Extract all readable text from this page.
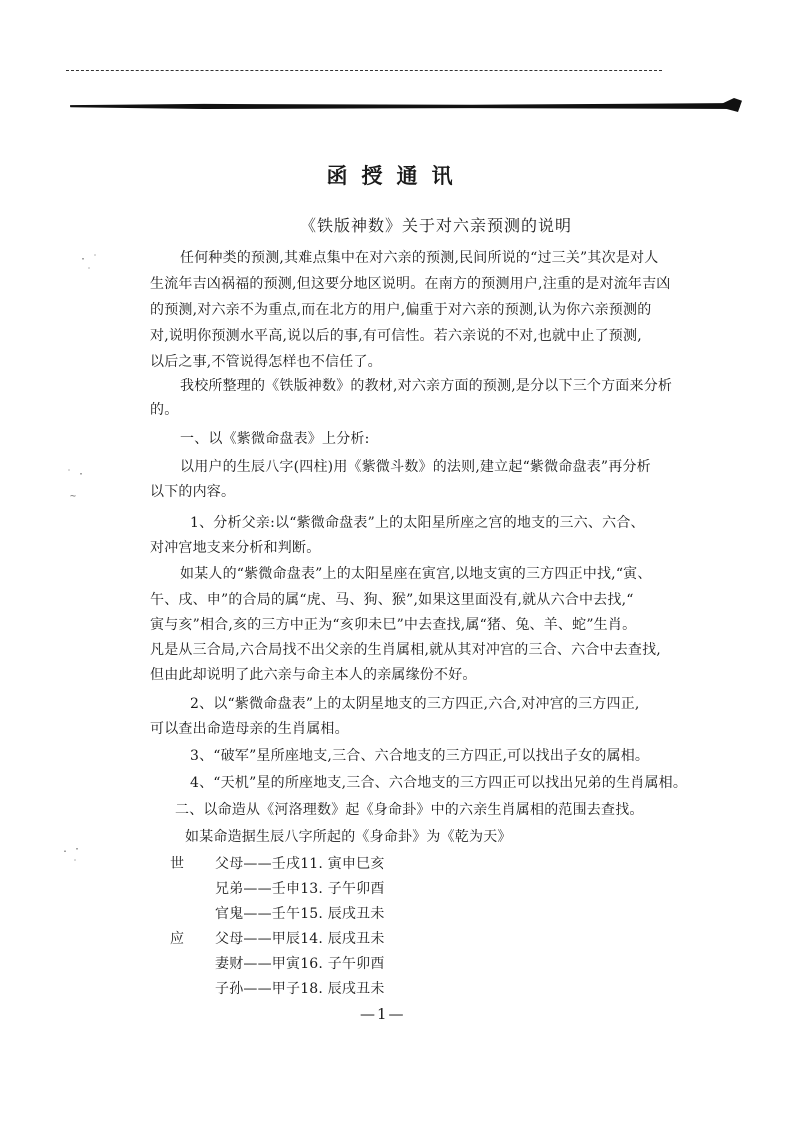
函授通讯
《铁版神数》关于对六亲预测的说明
任何种类的预测,其难点集中在对六亲的预测,民间所说的“过三关”其次是对人
生流年吉凶祸福的预测,但这要分地区说明。在南方的预测用户,注重的是对流年吉凶
的预测,对六亲不为重点,而在北方的用户,偏重于对六亲的预测,认为你六亲预测的
对,说明你预测水平高,说以后的事,有可信性。若六亲说的不对,也就中止了预测,
以后之事,不管说得怎样也不信任了。
我校所整理的《铁版神数》的教材,对六亲方面的预测,是分以下三个方面来分析
的。
一、以《紫微命盘表》上分析:
以用户的生辰八字(四柱)用《紫微斗数》的法则,建立起“紫微命盘表”再分析
以下的内容。
1、分析父亲:以“紫微命盘表”上的太阳星所座之宫的地支的三六、六合、
对冲宫地支来分析和判断。
如某人的“紫微命盘表”上的太阳星座在寅宫,以地支寅的三方四正中找,“寅、
午、戌、申”的合局的属“虎、马、狗、猴”,如果这里面没有,就从六合中去找,“
寅与亥”相合,亥的三方中正为“亥卯未巳”中去查找,属“猪、兔、羊、蛇”生肖。
凡是从三合局,六合局找不出父亲的生肖属相,就从其对冲宫的三合、六合中去查找,
但由此却说明了此六亲与命主本人的亲属缘份不好。
2、以“紫微命盘表”上的太阴星地支的三方四正,六合,对冲宫的三方四正,
可以查出命造母亲的生肖属相。
3、“破军”星所座地支,三合、六合地支的三方四正,可以找出子女的属相。
4、“天机”星的所座地支,三合、六合地支的三方四正可以找出兄弟的生肖属相。
二、以命造从《河洛理数》起《身命卦》中的六亲生肖属相的范围去查找。
如某命造据生辰八字所起的《身命卦》为《乾为天》
世 父母——壬戌11. 寅申巳亥
兄弟——壬申13. 子午卯酉
官鬼——壬午15. 辰戌丑未
应 父母——甲辰14. 辰戌丑未
妻财——甲寅16. 子午卯酉
子孙——甲子18. 辰戌丑未
—1—
· ˙
˙
˙ ·
~
. ·
˙
